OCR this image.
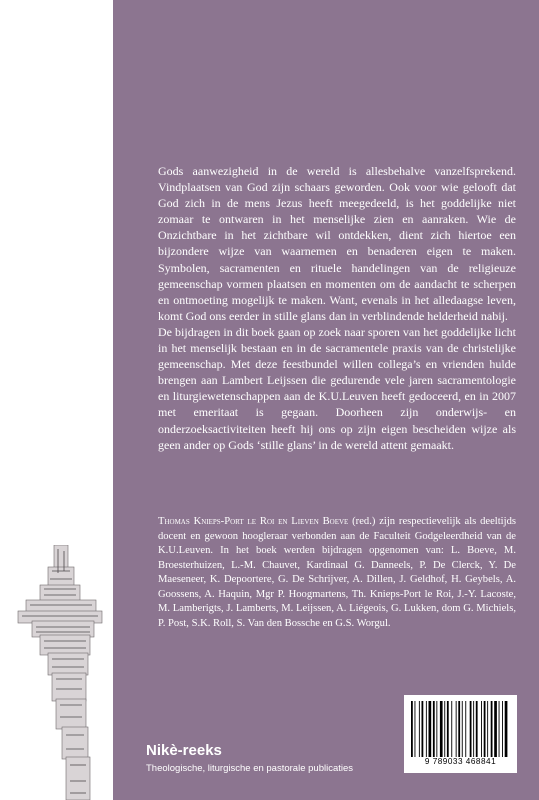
Gods aanwezigheid in de wereld is allesbehalve vanzelfsprekend. Vindplaatsen van God zijn schaars geworden. Ook voor wie gelooft dat God zich in de mens Jezus heeft meegedeeld, is het goddelijke niet zomaar te ontwaren in het menselijke zien en aanraken. Wie de Onzichtbare in het zichtbare wil ontdekken, dient zich hiertoe een bijzondere wijze van waarnemen en benaderen eigen te maken. Symbolen, sacramenten en rituele handelingen van de religieuze gemeenschap vormen plaatsen en momenten om de aandacht te scherpen en ontmoeting mogelijk te maken. Want, evenals in het alledaagse leven, komt God ons eerder in stille glans dan in verblindende helderheid nabij.

De bijdragen in dit boek gaan op zoek naar sporen van het goddelijke licht in het menselijk bestaan en in de sacramentele praxis van de christelijke gemeenschap. Met deze feestbundel willen collega’s en vrienden hulde brengen aan Lambert Leijssen die gedurende vele jaren sacramentologie en liturgiewetenschappen aan de K.U.Leuven heeft gedoceerd, en in 2007 met emeritaat is gegaan. Doorheen zijn onderwijs- en onderzoeksactiviteiten heeft hij ons op zijn eigen bescheiden wijze als geen ander op Gods ‘stille glans’ in de wereld attent gemaakt.

Thomas Knieps-Port le Roi en Lieven Boeve (red.) zijn respectievelijk als deeltijds docent en gewoon hoogleraar verbonden aan de Faculteit Godgeleerdheid van de K.U.Leuven. In het boek werden bijdragen opgenomen van: L. Boeve, M. Broesterhuizen, L.-M. Chauvet, Kardinaal G. Danneels, P. De Clerck, Y. De Maeseneer, K. Depoortere, G. De Schrijver, A. Dillen, J. Geldhof, H. Geybels, A. Goossens, A. Haquin, Mgr P. Hoogmartens, Th. Knieps-Port le Roi, J.-Y. Lacoste, M. Lamberigts, J. Lamberts, M. Leijssen, A. Liégeois, G. Lukken, dom G. Michiels, P. Post, S.K. Roll, S. Van den Bossche en G.S. Worgul.

Nikè-reeks

Theologische, liturgische en pastorale publicaties

9 789033 468841
